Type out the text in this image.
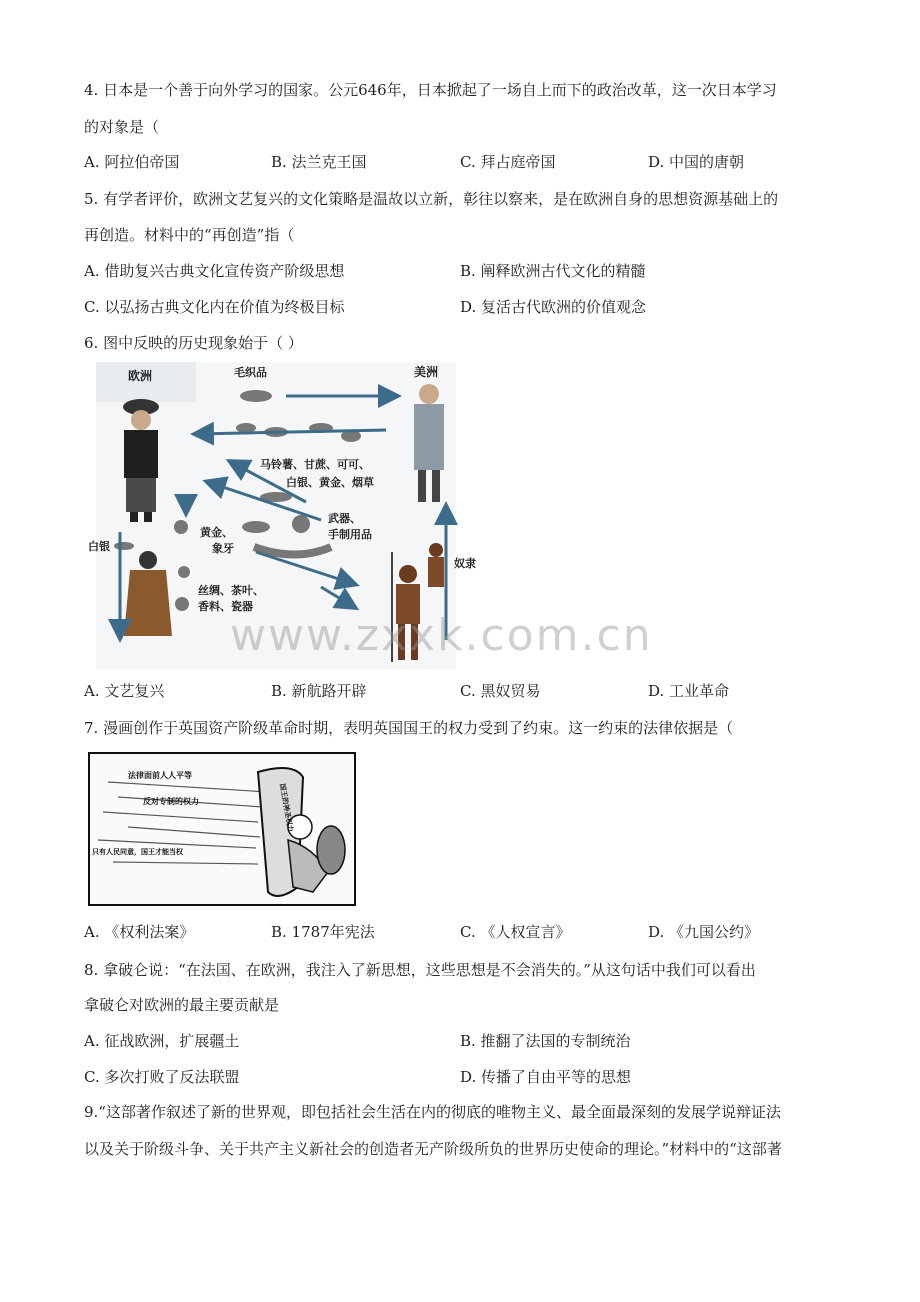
4. 日本是一个善于向外学习的国家。公元646年，日本掀起了一场自上而下的政治改革，这一次日本学习
的对象是（
A. 阿拉伯帝国	B. 法兰克王国	C. 拜占庭帝国	D. 中国的唐朝
5. 有学者评价，欧洲文艺复兴的文化策略是温故以立新，彰往以察来，是在欧洲自身的思想资源基础上的
再创造。材料中的“再创造”指（
A. 借助复兴古典文化宣传资产阶级思想	B. 阐释欧洲古代文化的精髓
C. 以弘扬古典文化内在价值为终极目标	D. 复活古代欧洲的价值观念
6. 图中反映的历史现象始于（ ）
欧洲	美洲
毛织品
马铃薯、甘蔗、可可、
白银、黄金、烟草
黄金、
象牙
武器、
手制用品
白银
丝绸、茶叶、
香料、瓷器
奴隶
www.zxxk.com.cn
A. 文艺复兴	B. 新航路开辟	C. 黑奴贸易	D. 工业革命
7. 漫画创作于英国资产阶级革命时期，表明英国国王的权力受到了约束。这一约束的法律依据是（
法律面前人人平等
反对专制的权力
只有人民同意，国王才能当权
国王的神圣权力
A. 《权利法案》	B. 1787年宪法	C. 《人权宣言》	D. 《九国公约》
8. 拿破仑说：“在法国、在欧洲，我注入了新思想，这些思想是不会消失的。”从这句话中我们可以看出
拿破仑对欧洲的最主要贡献是
A. 征战欧洲，扩展疆土	B. 推翻了法国的专制统治
C. 多次打败了反法联盟	D. 传播了自由平等的思想
9.“这部著作叙述了新的世界观，即包括社会生活在内的彻底的唯物主义、最全面最深刻的发展学说辩证法
以及关于阶级斗争、关于共产主义新社会的创造者无产阶级所负的世界历史使命的理论。”材料中的“这部著
